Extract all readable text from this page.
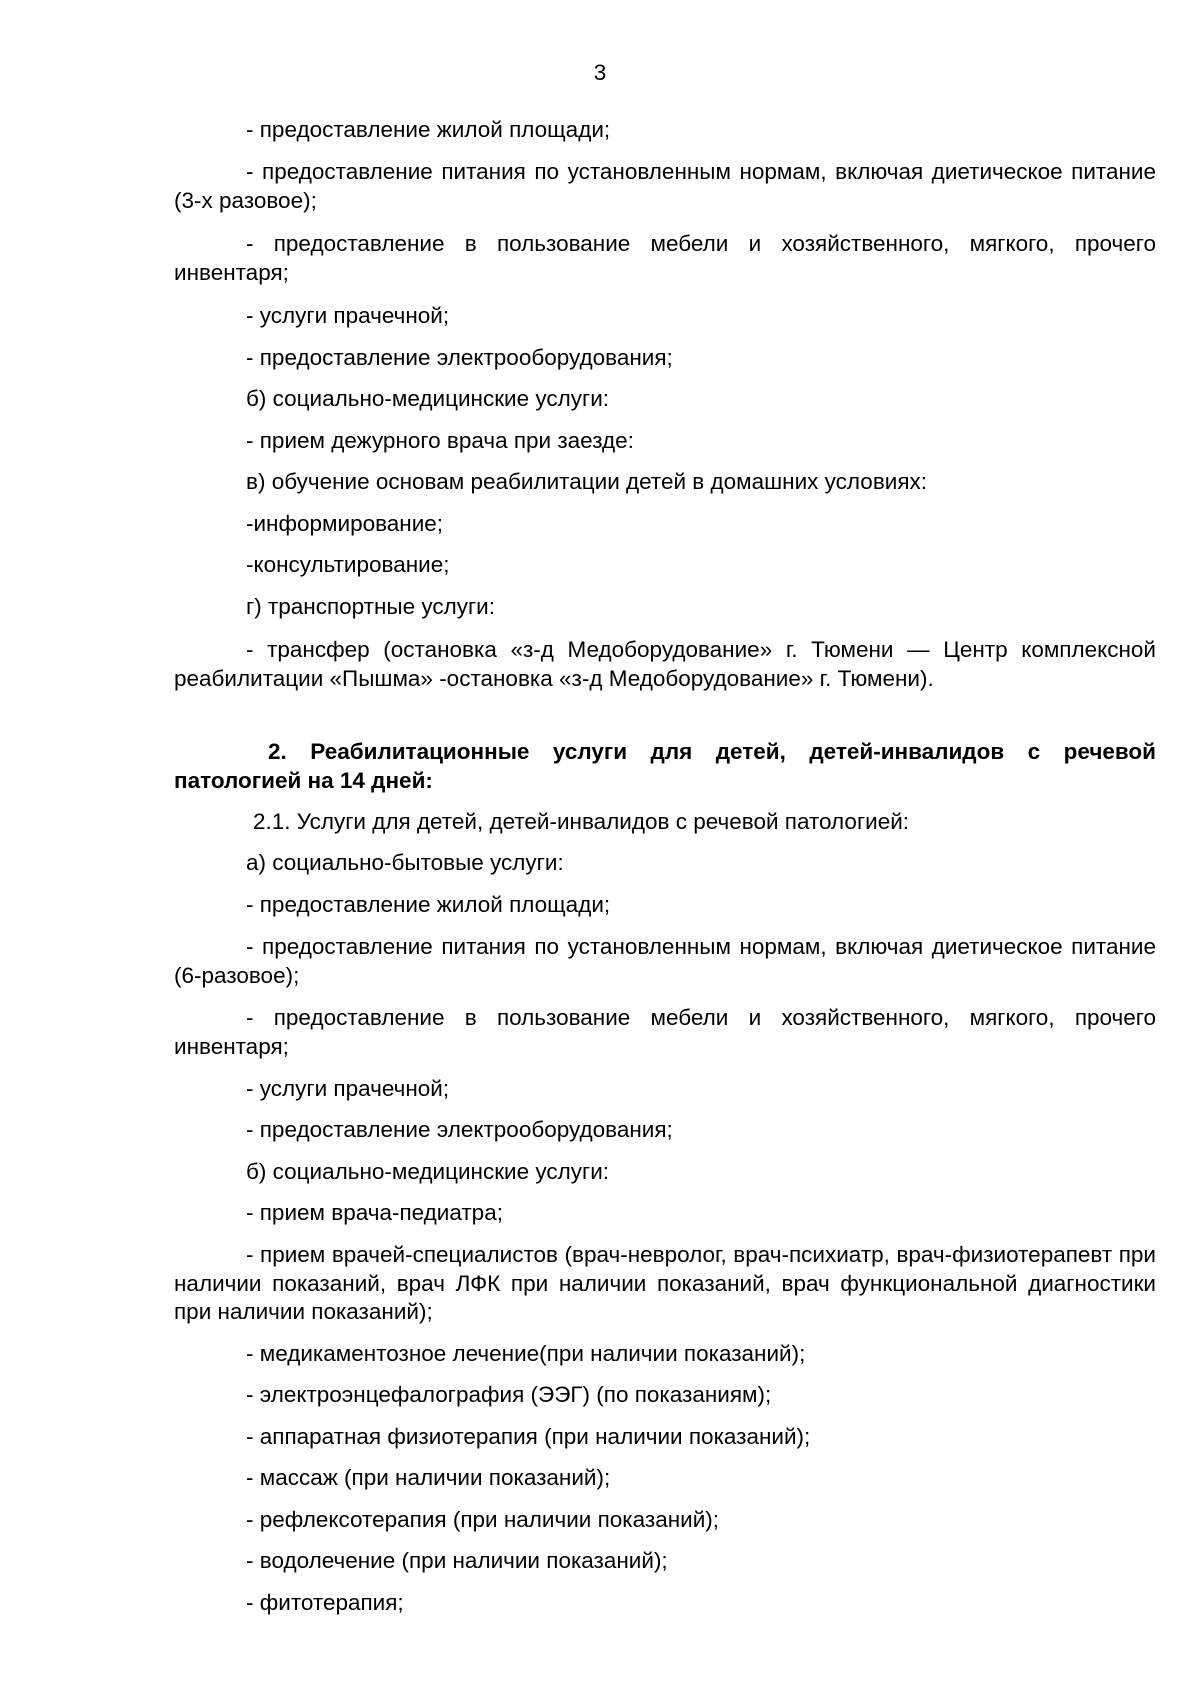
3
- предоставление жилой площади;
- предоставление питания по установленным нормам, включая диетическое питание (3-х разовое);
- предоставление в пользование мебели и хозяйственного, мягкого, прочего инвентаря;
- услуги прачечной;
- предоставление электрооборудования;
б) социально-медицинские услуги:
- прием дежурного врача при заезде:
в) обучение основам реабилитации детей в домашних условиях:
-информирование;
-консультирование;
г) транспортные услуги:
- трансфер (остановка «з-д Медоборудование» г. Тюмени — Центр комплексной реабилитации «Пышма» -остановка «з-д Медоборудование» г. Тюмени).
2. Реабилитационные услуги для детей, детей-инвалидов с речевой патологией на 14 дней:
2.1. Услуги для детей, детей-инвалидов с речевой патологией:
а) социально-бытовые услуги:
- предоставление жилой площади;
- предоставление питания по установленным нормам, включая диетическое питание (6-разовое);
- предоставление в пользование мебели и хозяйственного, мягкого, прочего инвентаря;
- услуги прачечной;
- предоставление электрооборудования;
б) социально-медицинские услуги:
- прием врача-педиатра;
- прием врачей-специалистов (врач-невролог, врач-психиатр, врач-физиотерапевт при наличии показаний, врач ЛФК при наличии показаний, врач функциональной диагностики при наличии показаний);
- медикаментозное лечение(при наличии показаний);
- электроэнцефалография (ЭЭГ) (по показаниям);
- аппаратная физиотерапия (при наличии показаний);
- массаж (при наличии показаний);
- рефлексотерапия (при наличии показаний);
- водолечение (при наличии показаний);
- фитотерапия;
